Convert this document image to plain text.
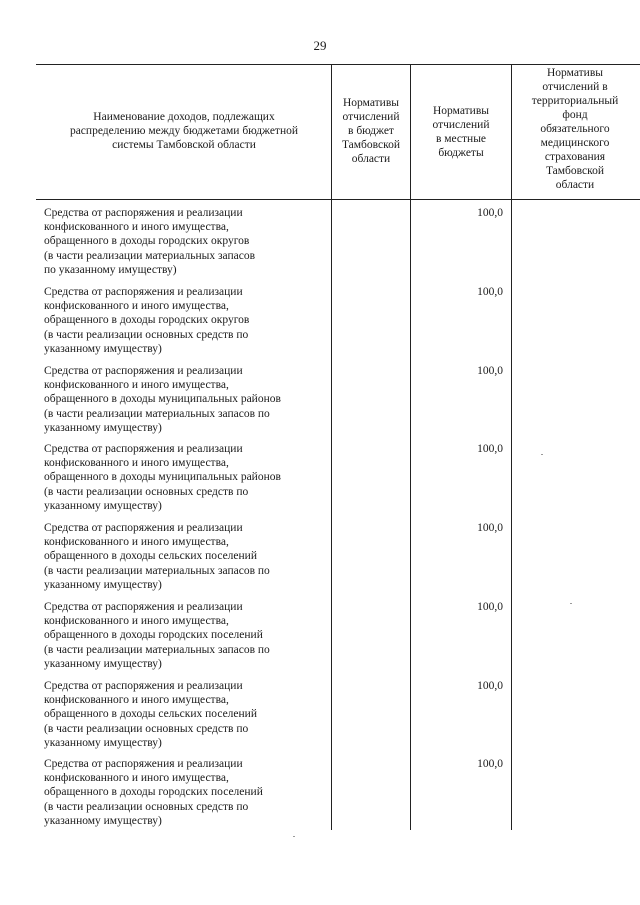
29
Наименование доходов, подлежащих
распределению между бюджетами бюджетной
системы Тамбовской области
Нормативы
отчислений
в бюджет
Тамбовской
области
Нормативы
отчислений
в местные
бюджеты
Нормативы
отчислений в
территориальный
фонд
обязательного
медицинского
страхования
Тамбовской
области
Средства от распоряжения и реализации
конфискованного и иного имущества,
обращенного в доходы городских округов
(в части реализации материальных запасов
по указанному имуществу)
100,0
Средства от распоряжения и реализации
конфискованного и иного имущества,
обращенного в доходы городских округов
(в части реализации основных средств по
указанному имуществу)
100,0
Средства от распоряжения и реализации
конфискованного и иного имущества,
обращенного в доходы муниципальных районов
(в части реализации материальных запасов по
указанному имуществу)
100,0
Средства от распоряжения и реализации
конфискованного и иного имущества,
обращенного в доходы муниципальных районов
(в части реализации основных средств по
указанному имуществу)
100,0
Средства от распоряжения и реализации
конфискованного и иного имущества,
обращенного в доходы сельских поселений
(в части реализации материальных запасов по
указанному имуществу)
100,0
Средства от распоряжения и реализации
конфискованного и иного имущества,
обращенного в доходы городских поселений
(в части реализации материальных запасов по
указанному имуществу)
100,0
Средства от распоряжения и реализации
конфискованного и иного имущества,
обращенного в доходы сельских поселений
(в части реализации основных средств по
указанному имуществу)
100,0
Средства от распоряжения и реализации
конфискованного и иного имущества,
обращенного в доходы городских поселений
(в части реализации основных средств по
указанному имуществу)
100,0
